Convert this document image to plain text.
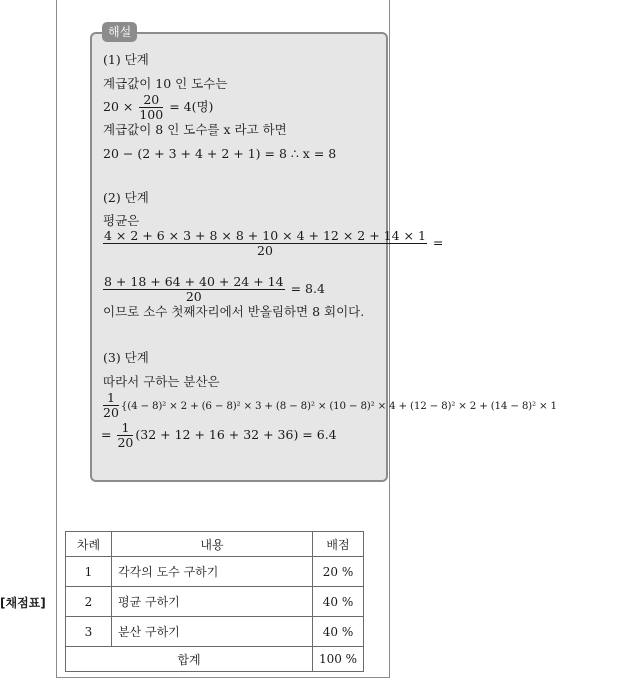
해설
(1) 단계
계급값이 10 인 도수는
$20 \times \frac{20}{100} = 4$(명)
계급값이 8 인 도수를 x 라고 하면
20 − (2 + 3 + 4 + 2 + 1) = 8 ∴ x = 8
(2) 단계
평균은
$\frac{4 \times 2 + 6 \times 3 + 8 \times 8 + 10 \times 4 + 12 \times 2 + 14 \times 1}{20}$ =
$\frac{8 + 18 + 64 + 40 + 24 + 14}{20} = 8.4$
이므로 소수 첫째자리에서 반올림하면 8 회이다.
(3) 단계
따라서 구하는 분산은
$\frac{1}{20} \{(4 - 8)^2 \times 2 + (6 - 8)^2 \times 3 + (8 - 8)^2 \times (10 - 8)^2 \times 4 + (12 - 8)^2 \times 2 + (14 - 8)^2 \times 1$
= $\frac{1}{20} (32 + 12 + 16 + 32 + 36) = 6.4$
[채점표]
차례	내용	배점
1	각각의 도수 구하기	20 %
2	평균 구하기	40 %
3	분산 구하기	40 %
합계		100 %
